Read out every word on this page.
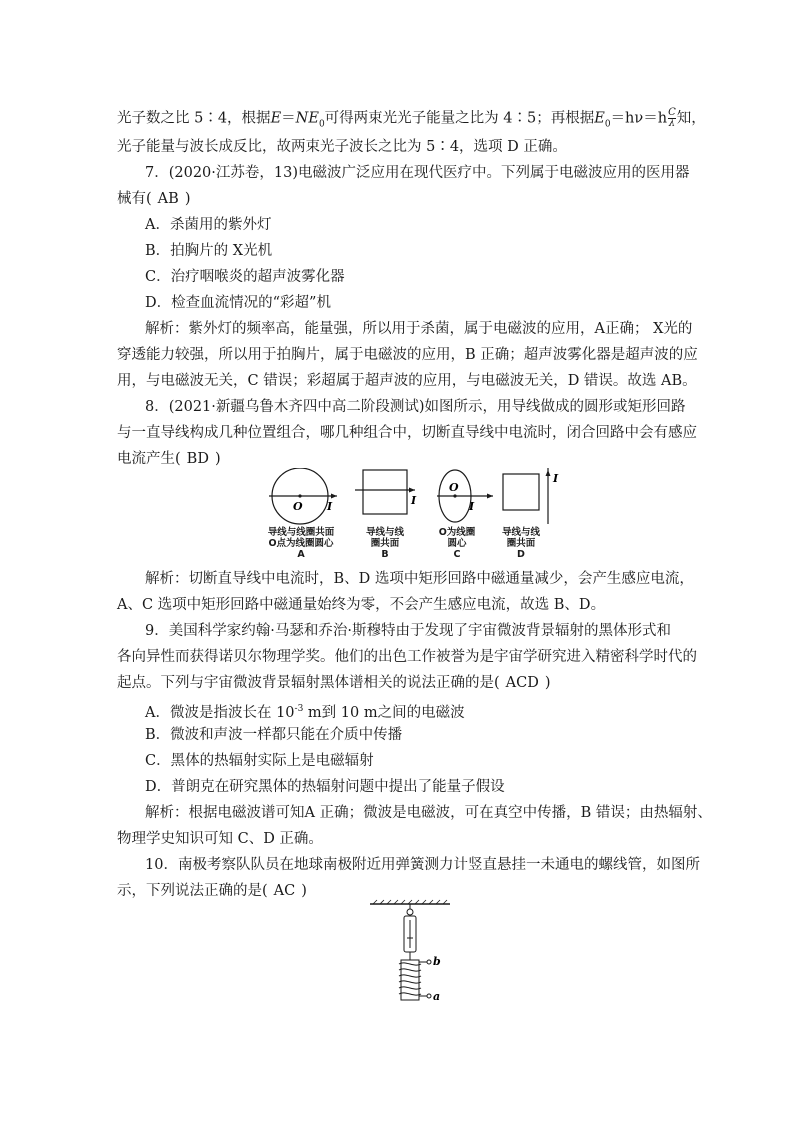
光子数之比 5∶4，根据$E=NE_0$可得两束光光子能量之比为 4∶5；再根据$E_0=h\nu=h \frac{C}{\lambda}$ 知，
光子能量与波长成反比，故两束光子波长之比为 5∶4，选项 D 正确。
7．(2020·江苏卷，13)电磁波广泛应用在现代医疗中。下列属于电磁波应用的医用器
械有( AB )
A．杀菌用的紫外灯
B．拍胸片的 X光机
C．治疗咽喉炎的超声波雾化器
D．检查血流情况的“彩超”机
解析：紫外灯的频率高，能量强，所以用于杀菌，属于电磁波的应用，A正确； X光的
穿透能力较强，所以用于拍胸片，属于电磁波的应用，B 正确；超声波雾化器是超声波的应
用，与电磁波无关，C 错误；彩超属于超声波的应用，与电磁波无关，D 错误。故选 AB。
8．(2021·新疆乌鲁木齐四中高二阶段测试)如图所示，用导线做成的圆形或矩形回路
与一直导线构成几种位置组合，哪几种组合中，切断直导线中电流时，闭合回路中会有感应
电流产生( BD )
O I	I
O
I
I
导线与线圈共面
O点为线圈圆心
A
导线与线
圈共面
B
O为线圈
圆心
C
导线与线
圈共面
D
解析：切断直导线中电流时，B、D 选项中矩形回路中磁通量减少，会产生感应电流，
A、C 选项中矩形回路中磁通量始终为零，不会产生感应电流，故选 B、D。
9．美国科学家约翰·马瑟和乔治·斯穆特由于发现了宇宙微波背景辐射的黑体形式和
各向异性而获得诺贝尔物理学奖。他们的出色工作被誉为是宇宙学研究进入精密科学时代的
起点。下列与宇宙微波背景辐射黑体谱相关的说法正确的是( ACD )
A．微波是指波长在 $10^{-3}$ m到 10 m之间的电磁波
B．微波和声波一样都只能在介质中传播
C．黑体的热辐射实际上是电磁辐射
D．普朗克在研究黑体的热辐射问题中提出了能量子假设
解析：根据电磁波谱可知A 正确；微波是电磁波，可在真空中传播，B 错误；由热辐射、
物理学史知识可知 C、D 正确。
10．南极考察队队员在地球南极附近用弹簧测力计竖直悬挂一未通电的螺线管，如图所
示，下列说法正确的是( AC )
b
a
